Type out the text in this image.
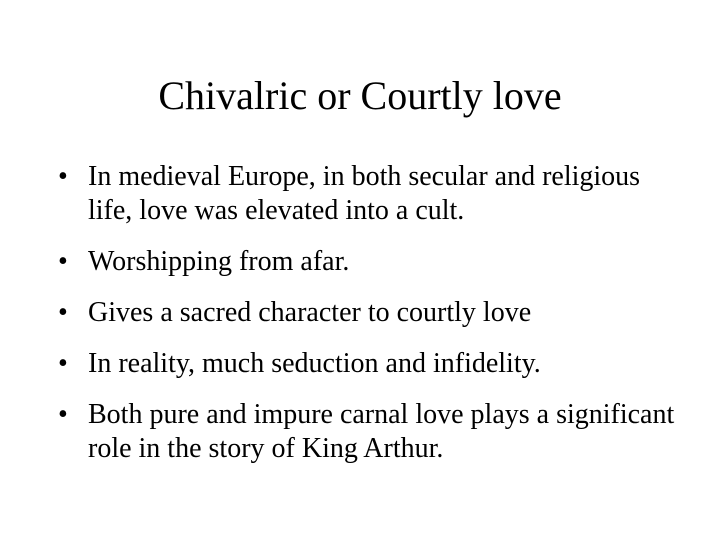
Chivalric or Courtly love
• In medieval Europe, in both secular and religious life, love was elevated into a cult.
• Worshipping from afar.
• Gives a sacred character to courtly love
• In reality, much seduction and infidelity.
• Both pure and impure carnal love plays a significant role in the story of King Arthur.
